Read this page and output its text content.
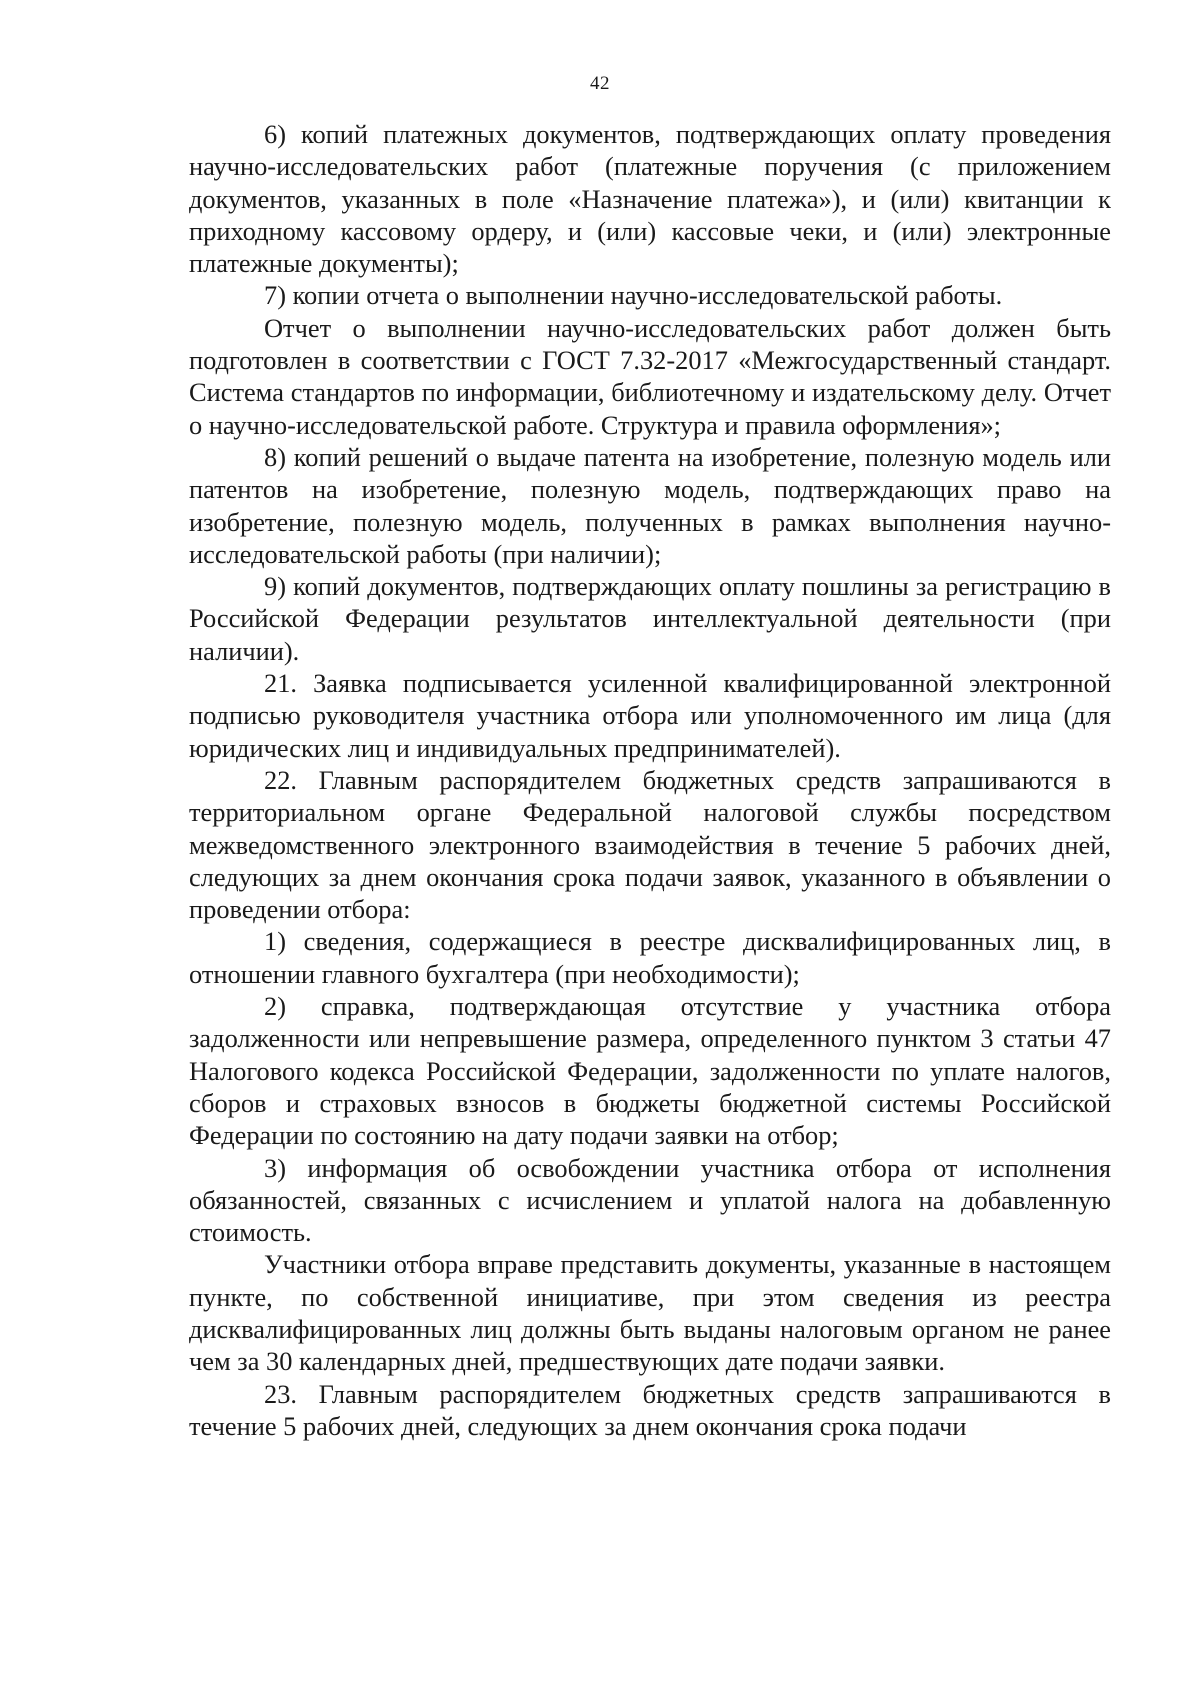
42

6) копий платежных документов, подтверждающих оплату проведения научно-исследовательских работ (платежные поручения (с приложением документов, указанных в поле «Назначение платежа»), и (или) квитанции к приходному кассовому ордеру, и (или) кассовые чеки, и (или) электронные платежные документы);

7) копии отчета о выполнении научно-исследовательской работы.

Отчет о выполнении научно-исследовательских работ должен быть подготовлен в соответствии с ГОСТ 7.32-2017 «Межгосударственный стандарт. Система стандартов по информации, библиотечному и издательскому делу. Отчет о научно-исследовательской работе. Структура и правила оформления»;

8) копий решений о выдаче патента на изобретение, полезную модель или патентов на изобретение, полезную модель, подтверждающих право на изобретение, полезную модель, полученных в рамках выполнения научно-исследовательской работы (при наличии);

9) копий документов, подтверждающих оплату пошлины за регистрацию в Российской Федерации результатов интеллектуальной деятельности (при наличии).

21. Заявка подписывается усиленной квалифицированной электронной подписью руководителя участника отбора или уполномоченного им лица (для юридических лиц и индивидуальных предпринимателей).

22. Главным распорядителем бюджетных средств запрашиваются в территориальном органе Федеральной налоговой службы посредством межведомственного электронного взаимодействия в течение 5 рабочих дней, следующих за днем окончания срока подачи заявок, указанного в объявлении о проведении отбора:

1) сведения, содержащиеся в реестре дисквалифицированных лиц, в отношении главного бухгалтера (при необходимости);

2) справка, подтверждающая отсутствие у участника отбора задолженности или непревышение размера, определенного пунктом 3 статьи 47 Налогового кодекса Российской Федерации, задолженности по уплате налогов, сборов и страховых взносов в бюджеты бюджетной системы Российской Федерации по состоянию на дату подачи заявки на отбор;

3) информация об освобождении участника отбора от исполнения обязанностей, связанных с исчислением и уплатой налога на добавленную стоимость.

Участники отбора вправе представить документы, указанные в настоящем пункте, по собственной инициативе, при этом сведения из реестра дисквалифицированных лиц должны быть выданы налоговым органом не ранее чем за 30 календарных дней, предшествующих дате подачи заявки.

23. Главным распорядителем бюджетных средств запрашиваются в течение 5 рабочих дней, следующих за днем окончания срока подачи
